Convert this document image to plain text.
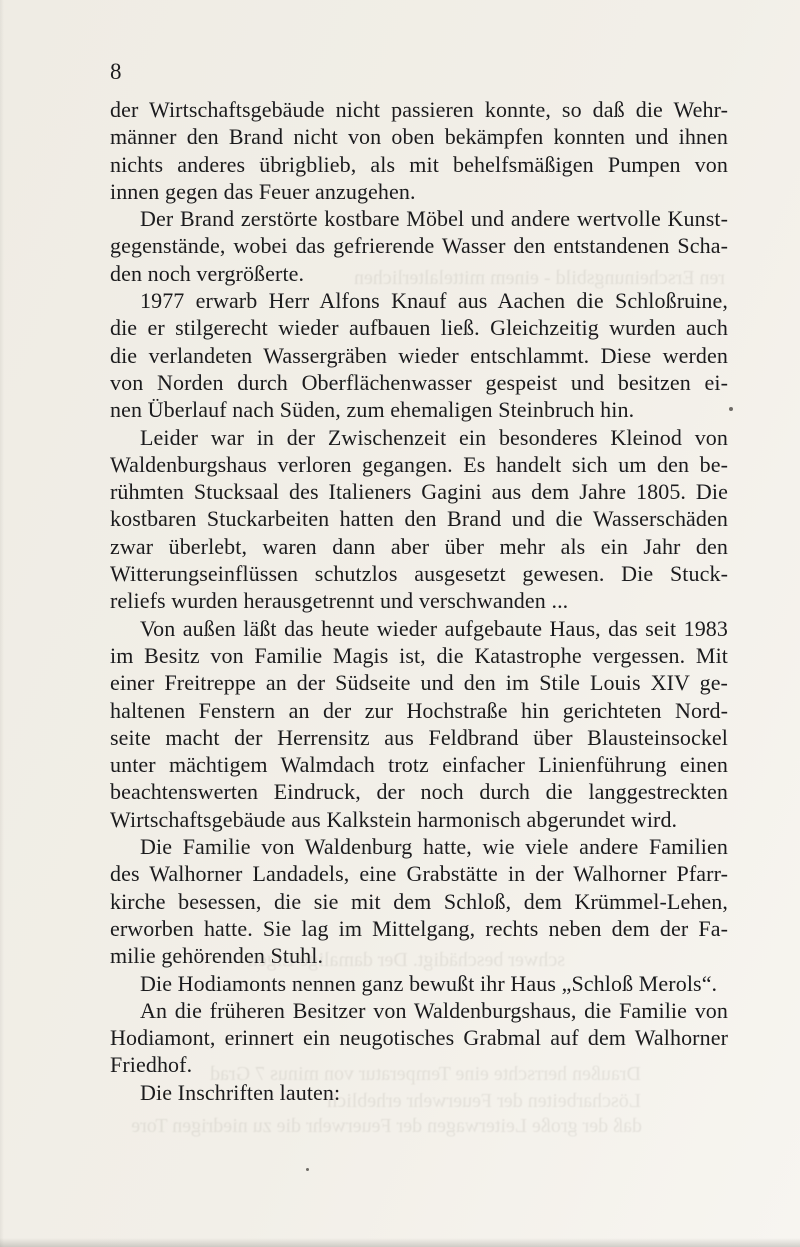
8
der Wirtschaftsgebäude nicht passieren konnte, so daß die Wehr-
männer den Brand nicht von oben bekämpfen konnten und ihnen
nichts anderes übrigblieb, als mit behelfsmäßigen Pumpen von
innen gegen das Feuer anzugehen.
Der Brand zerstörte kostbare Möbel und andere wertvolle Kunst-
gegenstände, wobei das gefrierende Wasser den entstandenen Scha-
den noch vergrößerte.
1977 erwarb Herr Alfons Knauf aus Aachen die Schloßruine,
die er stilgerecht wieder aufbauen ließ. Gleichzeitig wurden auch
die verlandeten Wassergräben wieder entschlammt. Diese werden
von Norden durch Oberflächenwasser gespeist und besitzen ei-
nen Überlauf nach Süden, zum ehemaligen Steinbruch hin.
Leider war in der Zwischenzeit ein besonderes Kleinod von
Waldenburgshaus verloren gegangen. Es handelt sich um den be-
rühmten Stucksaal des Italieners Gagini aus dem Jahre 1805. Die
kostbaren Stuckarbeiten hatten den Brand und die Wasserschäden
zwar überlebt, waren dann aber über mehr als ein Jahr den
Witterungseinflüssen schutzlos ausgesetzt gewesen. Die Stuck-
reliefs wurden herausgetrennt und verschwanden ...
Von außen läßt das heute wieder aufgebaute Haus, das seit 1983
im Besitz von Familie Magis ist, die Katastrophe vergessen. Mit
einer Freitreppe an der Südseite und den im Stile Louis XIV ge-
haltenen Fenstern an der zur Hochstraße hin gerichteten Nord-
seite macht der Herrensitz aus Feldbrand über Blausteinsockel
unter mächtigem Walmdach trotz einfacher Linienführung einen
beachtenswerten Eindruck, der noch durch die langgestreckten
Wirtschaftsgebäude aus Kalkstein harmonisch abgerundet wird.
Die Familie von Waldenburg hatte, wie viele andere Familien
des Walhorner Landadels, eine Grabstätte in der Walhorner Pfarr-
kirche besessen, die sie mit dem Schloß, dem Krümmel-Lehen,
erworben hatte. Sie lag im Mittelgang, rechts neben dem der Fa-
milie gehörenden Stuhl.
Die Hodiamonts nennen ganz bewußt ihr Haus „Schloß Merols“.
An die früheren Besitzer von Waldenburgshaus, die Familie von
Hodiamont, erinnert ein neugotisches Grabmal auf dem Walhorner
Friedhof.
Die Inschriften lauten:
ren Erscheinungsbild - einem mittelalterlichen
schwer beschädigt. Der damalige Eigen
Draußen herrschte eine Temperatur von minus 7 Grad
Löscharbeiten der Feuerwehr erheblich
daß der große Leiterwagen der Feuerwehr die zu niedrigen Tore
